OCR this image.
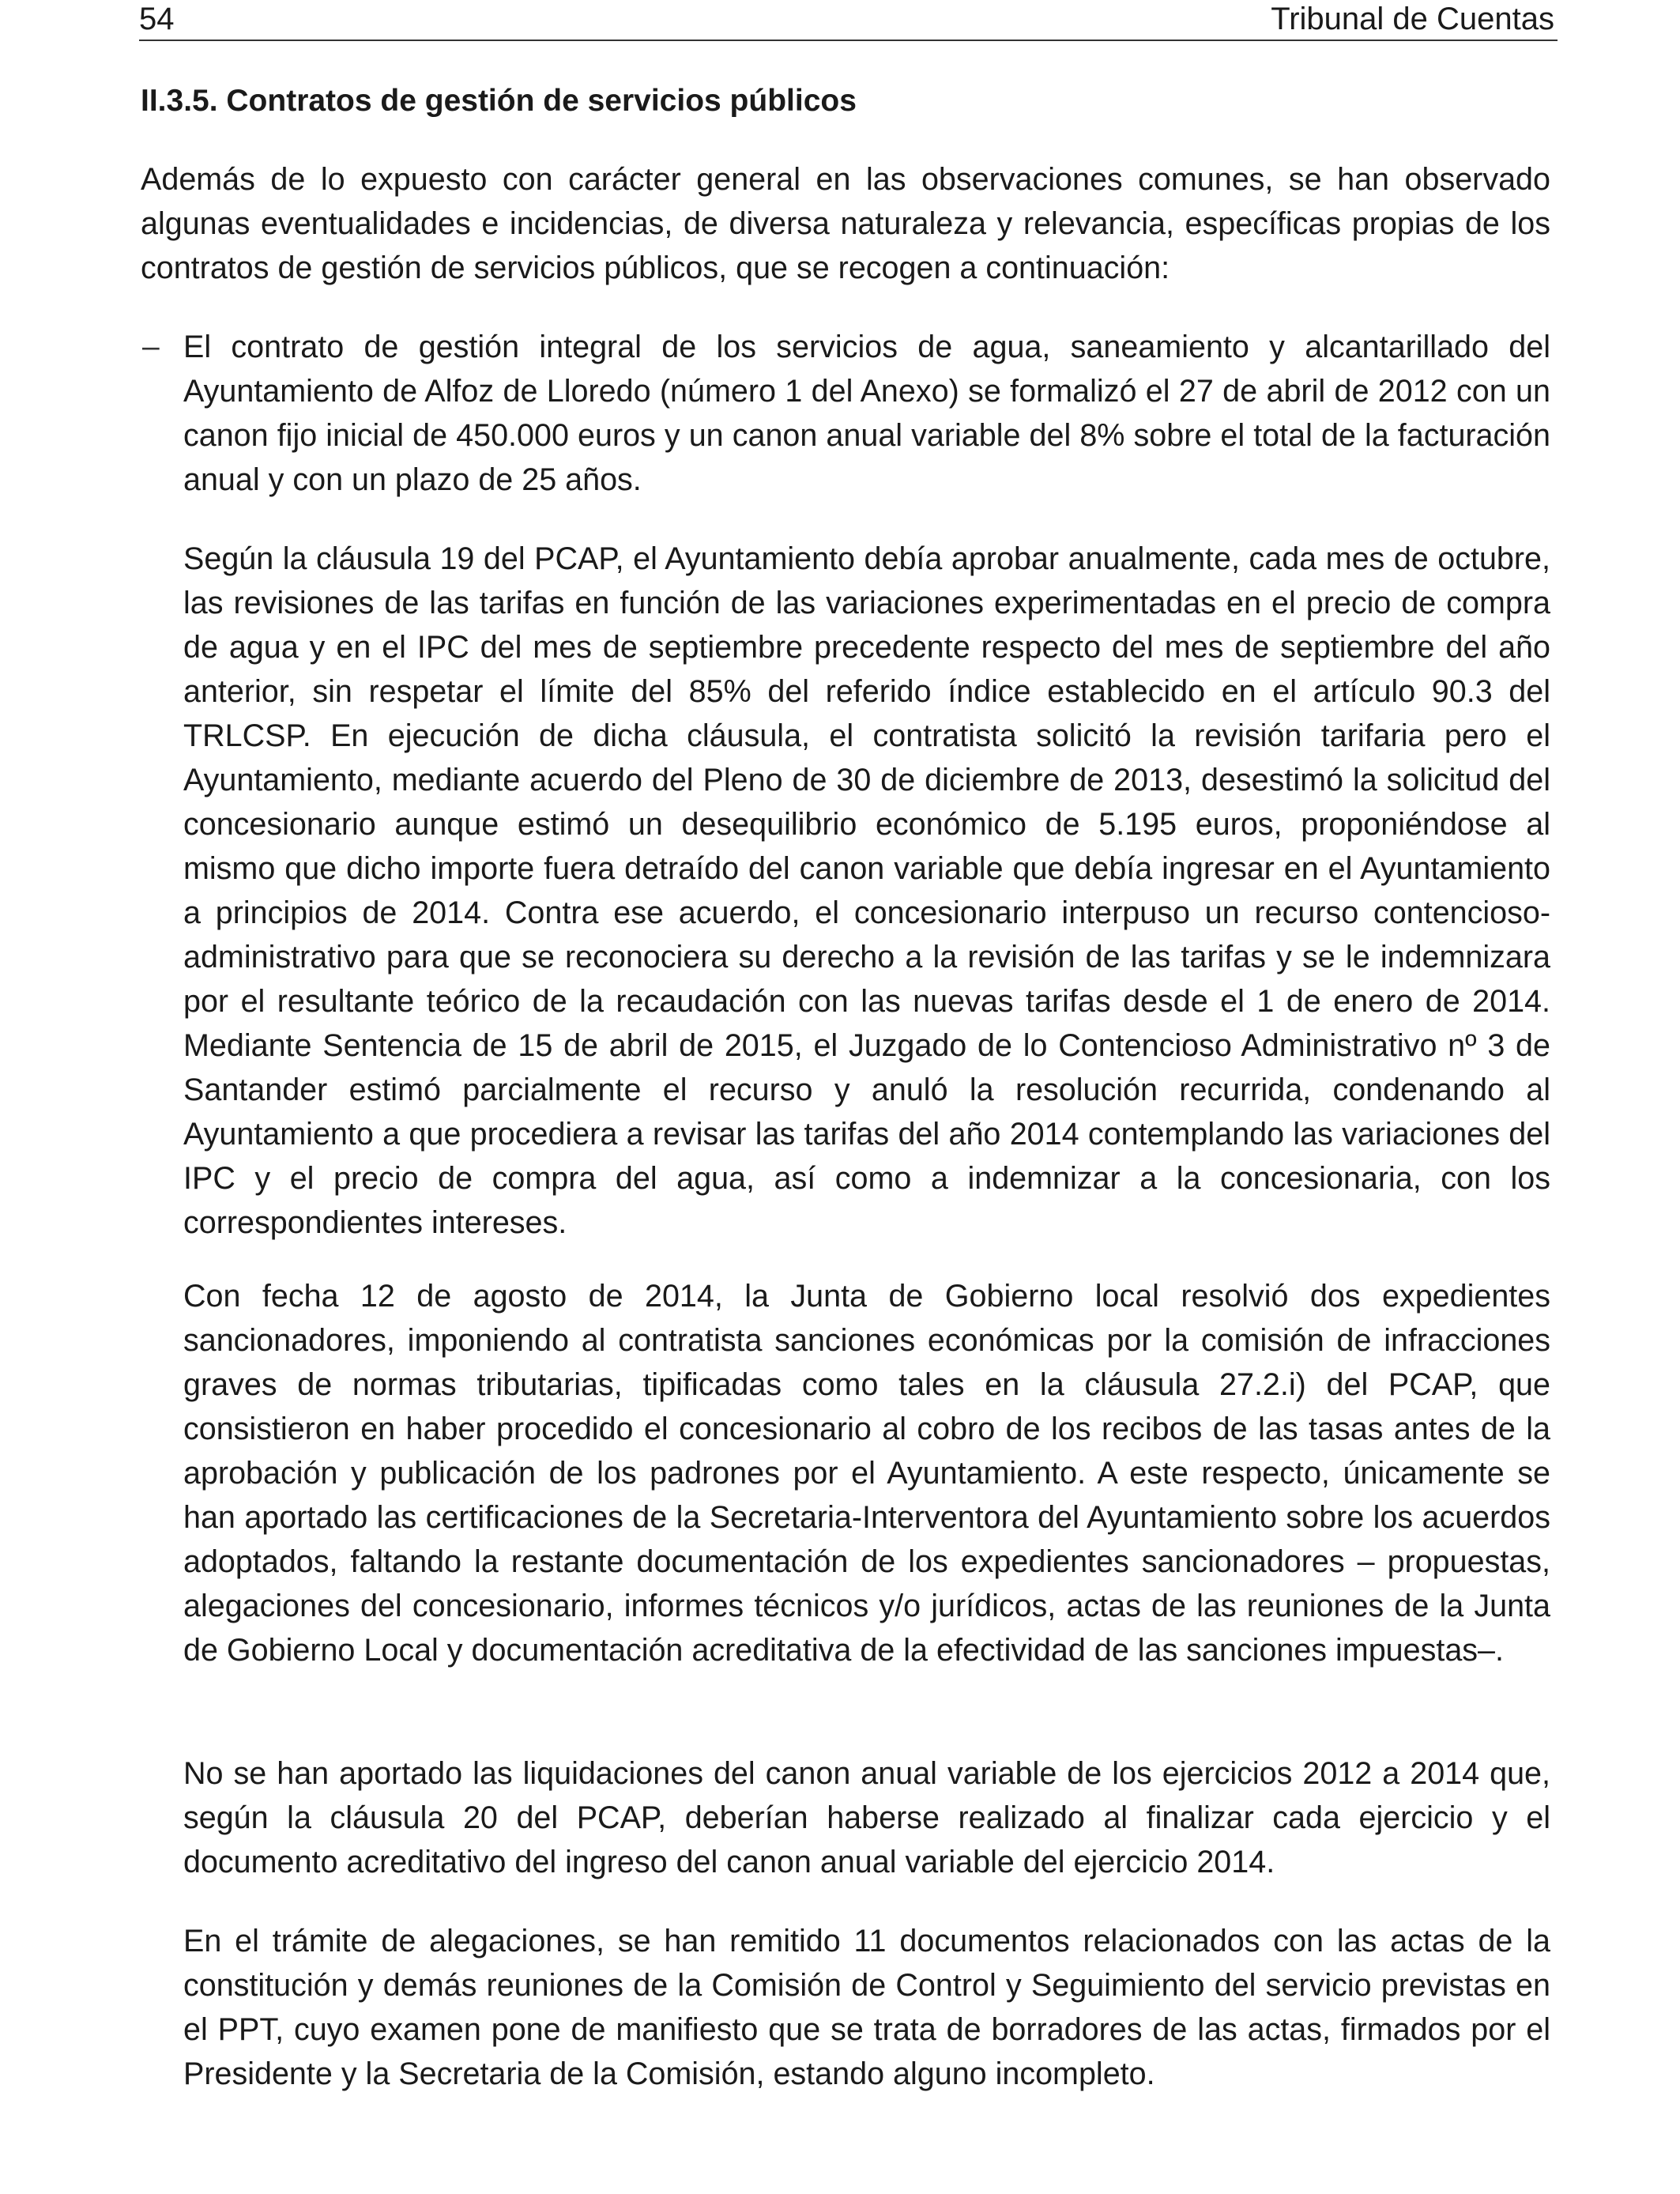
54	Tribunal de Cuentas
II.3.5. Contratos de gestión de servicios públicos

Además de lo expuesto con carácter general en las observaciones comunes, se han observado algunas eventualidades e incidencias, de diversa naturaleza y relevancia, específicas propias de los contratos de gestión de servicios públicos, que se recogen a continuación:

– El contrato de gestión integral de los servicios de agua, saneamiento y alcantarillado del Ayuntamiento de Alfoz de Lloredo (número 1 del Anexo) se formalizó el 27 de abril de 2012 con un canon fijo inicial de 450.000 euros y un canon anual variable del 8% sobre el total de la facturación anual y con un plazo de 25 años.

Según la cláusula 19 del PCAP, el Ayuntamiento debía aprobar anualmente, cada mes de octubre, las revisiones de las tarifas en función de las variaciones experimentadas en el precio de compra de agua y en el IPC del mes de septiembre precedente respecto del mes de septiembre del año anterior, sin respetar el límite del 85% del referido índice establecido en el artículo 90.3 del TRLCSP. En ejecución de dicha cláusula, el contratista solicitó la revisión tarifaria pero el Ayuntamiento, mediante acuerdo del Pleno de 30 de diciembre de 2013, desestimó la solicitud del concesionario aunque estimó un desequilibrio económico de 5.195 euros, proponiéndose al mismo que dicho importe fuera detraído del canon variable que debía ingresar en el Ayuntamiento a principios de 2014. Contra ese acuerdo, el concesionario interpuso un recurso contencioso-administrativo para que se reconociera su derecho a la revisión de las tarifas y se le indemnizara por el resultante teórico de la recaudación con las nuevas tarifas desde el 1 de enero de 2014. Mediante Sentencia de 15 de abril de 2015, el Juzgado de lo Contencioso Administrativo nº 3 de Santander estimó parcialmente el recurso y anuló la resolución recurrida, condenando al Ayuntamiento a que procediera a revisar las tarifas del año 2014 contemplando las variaciones del IPC y el precio de compra del agua, así como a indemnizar a la concesionaria, con los correspondientes intereses.

Con fecha 12 de agosto de 2014, la Junta de Gobierno local resolvió dos expedientes sancionadores, imponiendo al contratista sanciones económicas por la comisión de infracciones graves de normas tributarias, tipificadas como tales en la cláusula 27.2.i) del PCAP, que consistieron en haber procedido el concesionario al cobro de los recibos de las tasas antes de la aprobación y publicación de los padrones por el Ayuntamiento. A este respecto, únicamente se han aportado las certificaciones de la Secretaria-Interventora del Ayuntamiento sobre los acuerdos adoptados, faltando la restante documentación de los expedientes sancionadores – propuestas, alegaciones del concesionario, informes técnicos y/o jurídicos, actas de las reuniones de la Junta de Gobierno Local y documentación acreditativa de la efectividad de las sanciones impuestas–.

No se han aportado las liquidaciones del canon anual variable de los ejercicios 2012 a 2014 que, según la cláusula 20 del PCAP, deberían haberse realizado al finalizar cada ejercicio y el documento acreditativo del ingreso del canon anual variable del ejercicio 2014.

En el trámite de alegaciones, se han remitido 11 documentos relacionados con las actas de la constitución y demás reuniones de la Comisión de Control y Seguimiento del servicio previstas en el PPT, cuyo examen pone de manifiesto que se trata de borradores de las actas, firmados por el Presidente y la Secretaria de la Comisión, estando alguno incompleto.
